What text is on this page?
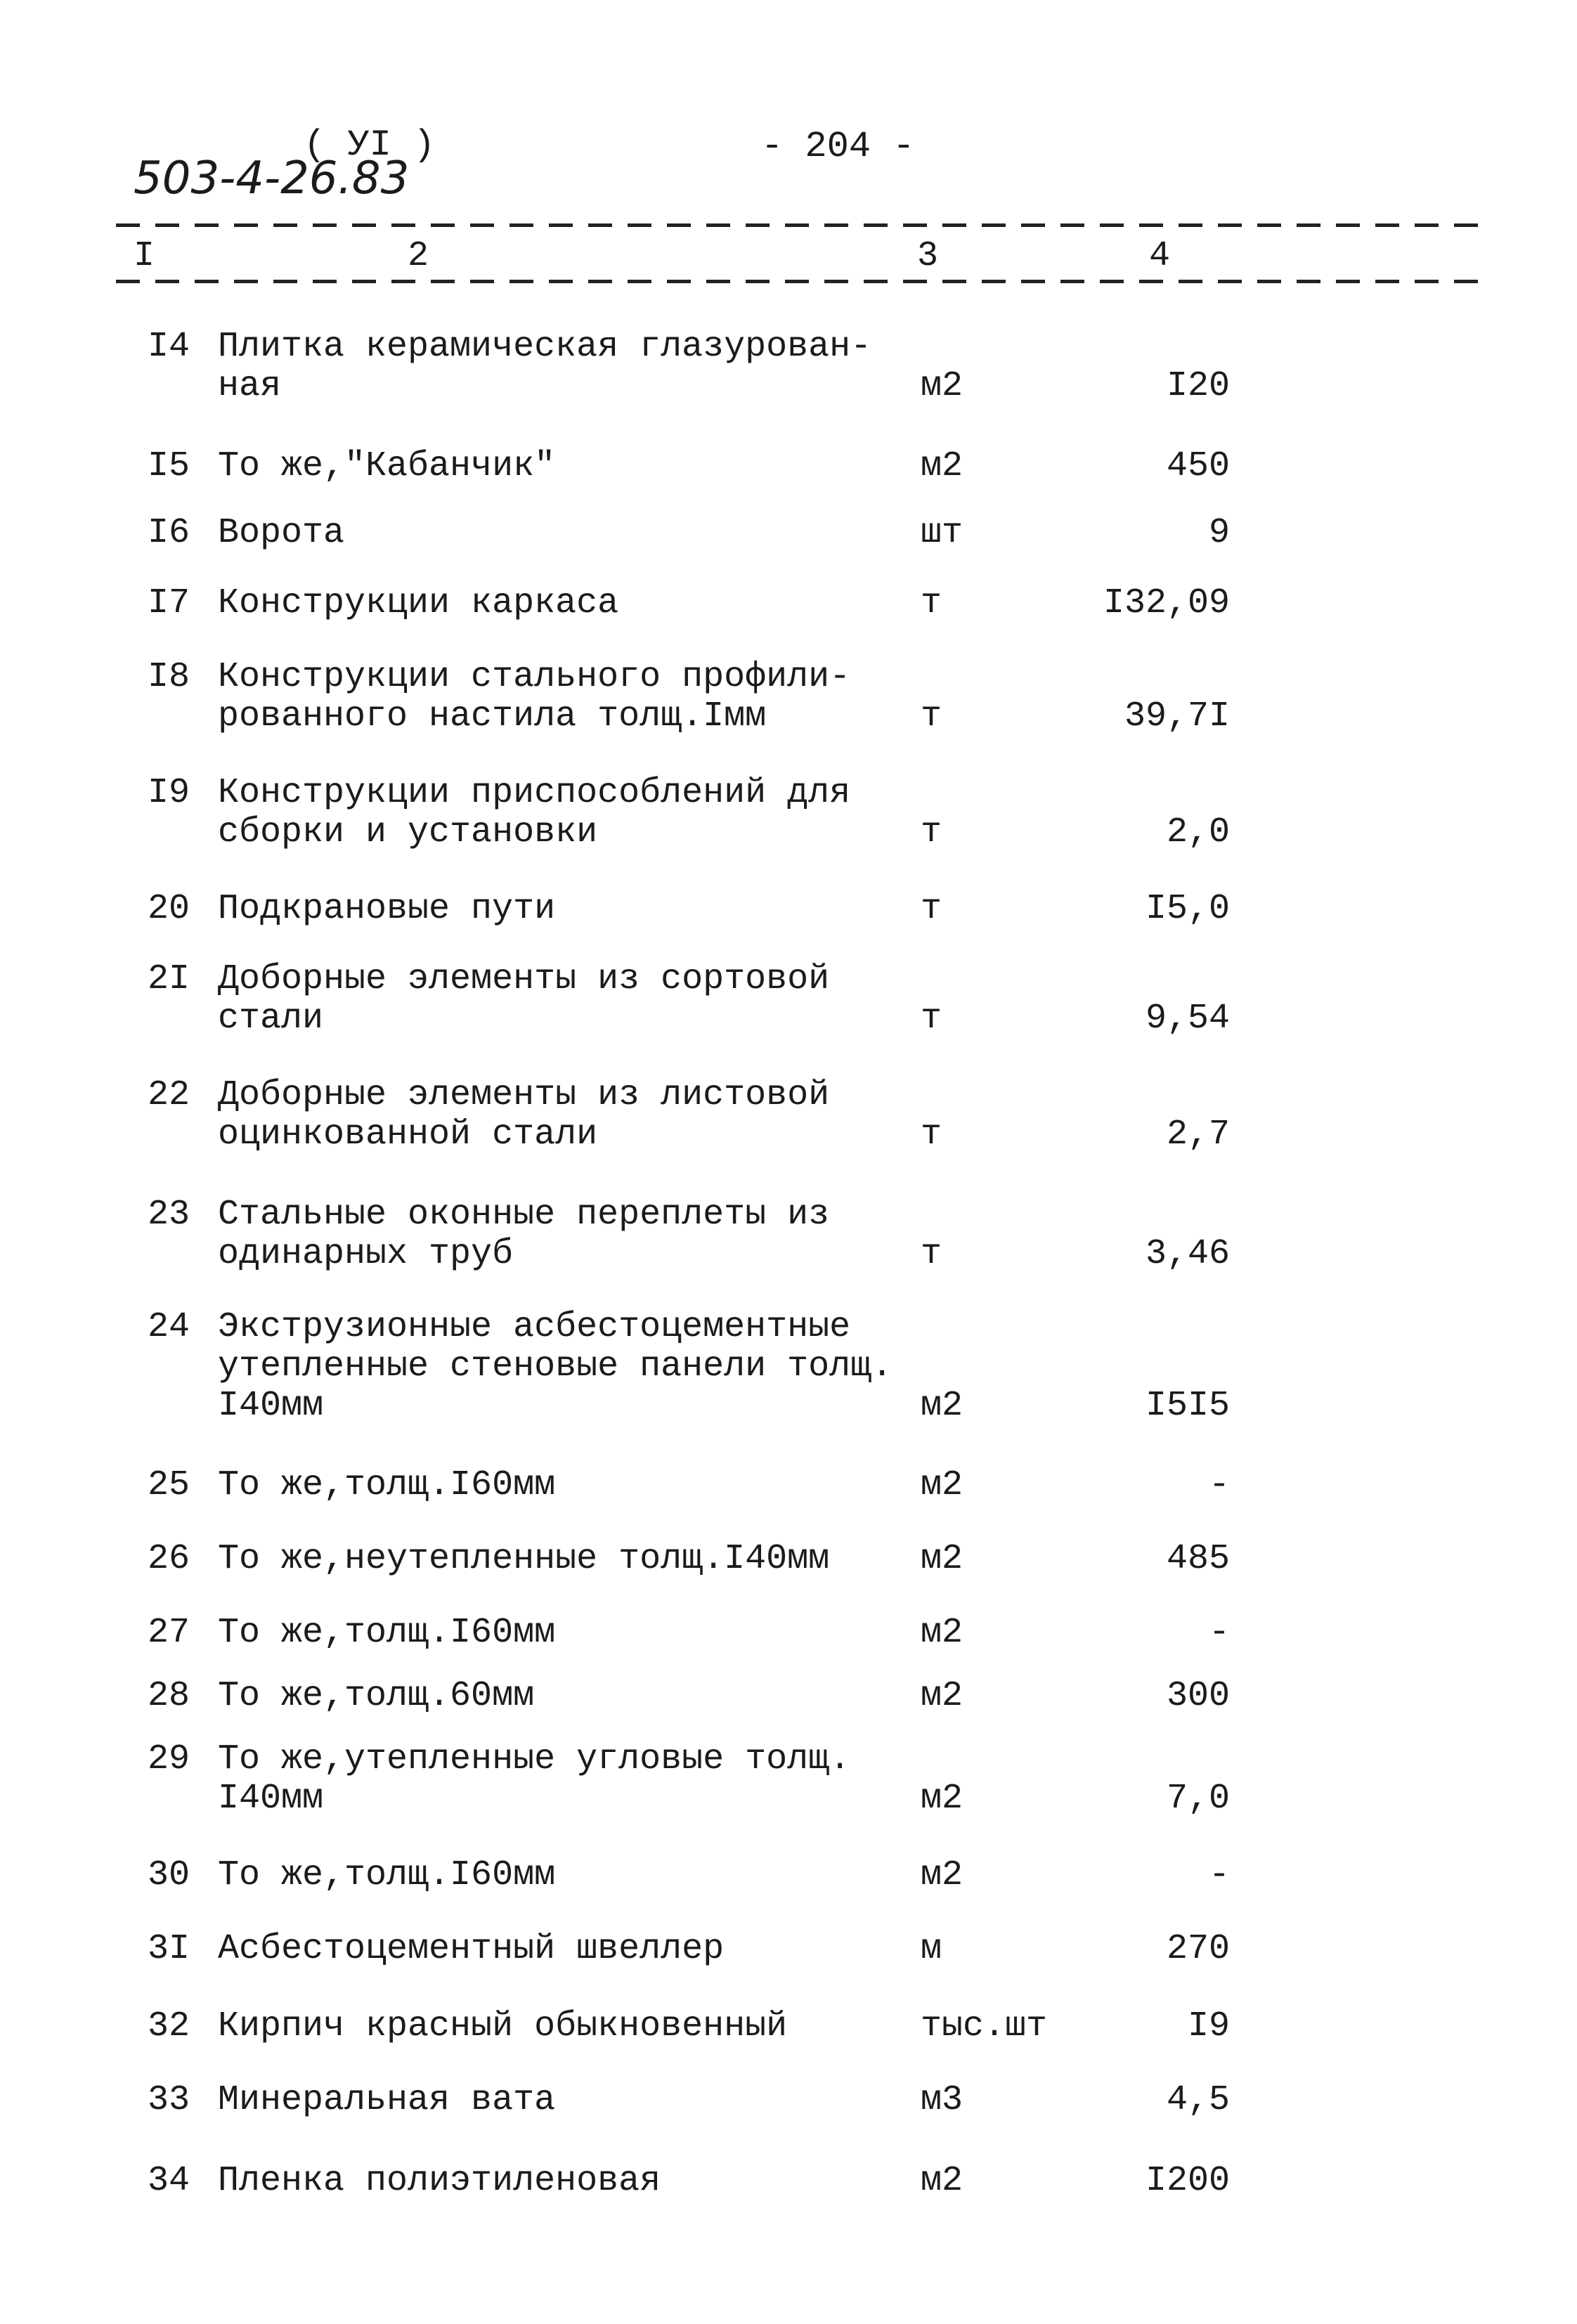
( УI )	- 204 -
503-4-26.83
I	2	3	4
I4 Плитка керамическая глазурован-
ная	м2	I20
I5 То же,"Кабанчик"	м2	450
I6 Ворота	шт	9
I7 Конструкции каркаса	т	I32,09
I8 Конструкции стального профили-
рованного настила толщ.Iмм	т	39,7I
I9 Конструкции приспособлений для
сборки и установки	т	2,0
20 Подкрановые пути	т	I5,0
2I Доборные элементы из сортовой
стали	т	9,54
22 Доборные элементы из листовой
оцинкованной стали	т	2,7
23 Стальные оконные переплеты из
одинарных труб	т	3,46
24 Экструзионные асбестоцементные
утепленные стеновые панели толщ.
I40мм	м2	I5I5
25 То же,толщ.I60мм	м2	-
26 То же,неутепленные толщ.I40мм	м2	485
27 То же,толщ.I60мм	м2	-
28 То же,толщ.60мм	м2	300
29 То же,утепленные угловые толщ.
I40мм	м2	7,0
30 То же,толщ.I60мм	м2	-
3I Асбестоцементный швеллер	м	270
32 Кирпич красный обыкновенный	тыс.шт	I9
33 Минеральная вата	м3	4,5
34 Пленка полиэтиленовая	м2	I200
